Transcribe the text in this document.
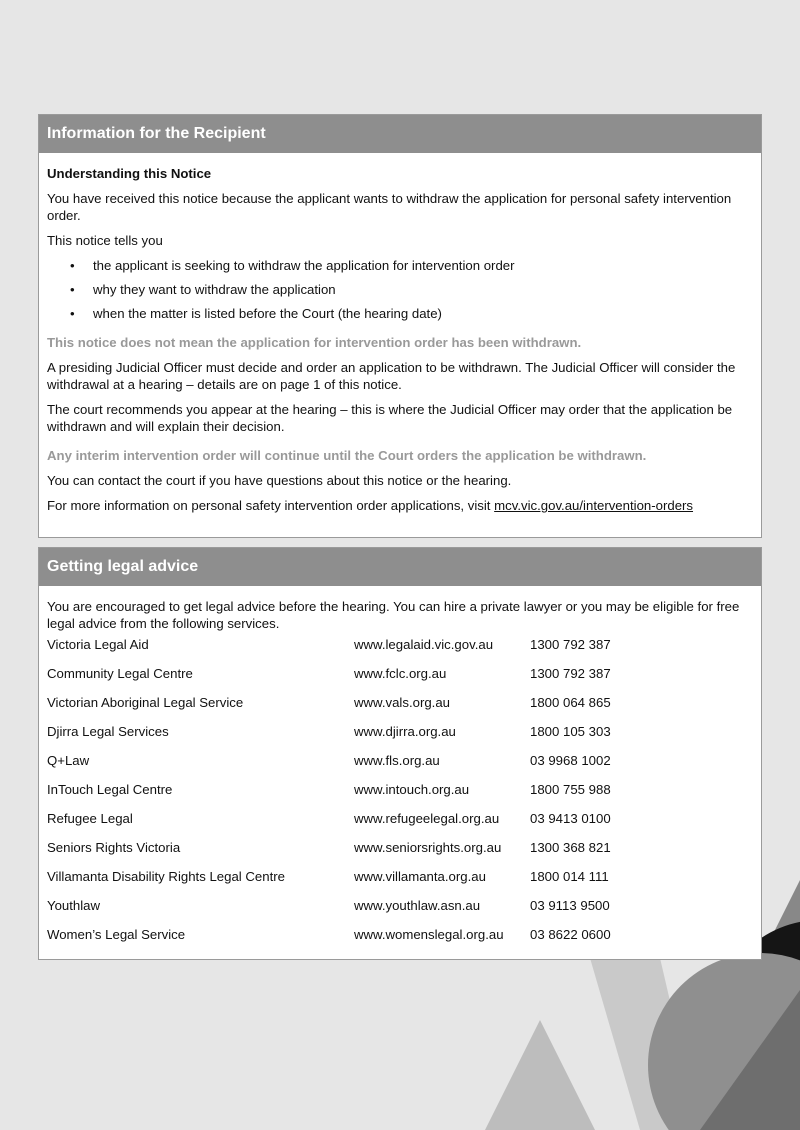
Information for the Recipient

Understanding this Notice

You have received this notice because the applicant wants to withdraw the application for personal safety intervention order.

This notice tells you

• the applicant is seeking to withdraw the application for intervention order
• why they want to withdraw the application
• when the matter is listed before the Court (the hearing date)

This notice does not mean the application for intervention order has been withdrawn.

A presiding Judicial Officer must decide and order an application to be withdrawn. The Judicial Officer will consider the withdrawal at a hearing – details are on page 1 of this notice.

The court recommends you appear at the hearing – this is where the Judicial Officer may order that the application be withdrawn and will explain their decision.

Any interim intervention order will continue until the Court orders the application be withdrawn.

You can contact the court if you have questions about this notice or the hearing.

For more information on personal safety intervention order applications, visit mcv.vic.gov.au/intervention-orders

Getting legal advice

You are encouraged to get legal advice before the hearing. You can hire a private lawyer or you may be eligible for free legal advice from the following services.

Victoria Legal Aid	www.legalaid.vic.gov.au	1300 792 387
Community Legal Centre	www.fclc.org.au	1300 792 387
Victorian Aboriginal Legal Service	www.vals.org.au	1800 064 865
Djirra Legal Services	www.djirra.org.au	1800 105 303
Q+Law	www.fls.org.au	03 9968 1002
InTouch Legal Centre	www.intouch.org.au	1800 755 988
Refugee Legal	www.refugeelegal.org.au	03 9413 0100
Seniors Rights Victoria	www.seniorsrights.org.au	1300 368 821
Villamanta Disability Rights Legal Centre	www.villamanta.org.au	1800 014 111
Youthlaw	www.youthlaw.asn.au	03 9113 9500
Women’s Legal Service	www.womenslegal.org.au	03 8622 0600
